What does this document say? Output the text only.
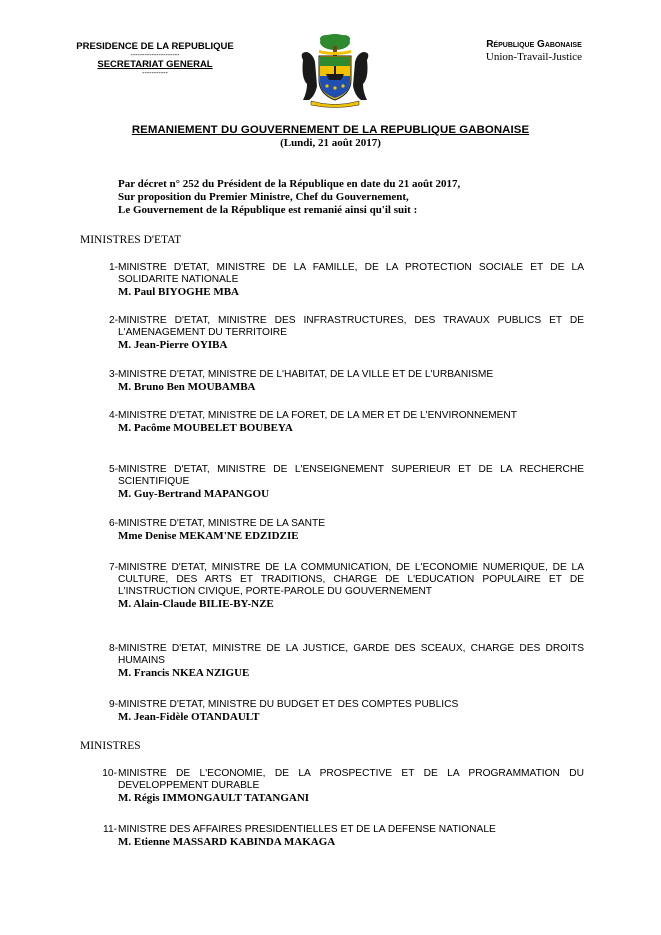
PRESIDENCE DE LA REPUBLIQUE
---------------------
SECRETARIAT GENERAL
-----------
République Gabonaise
Union-Travail-Justice
REMANIEMENT DU GOUVERNEMENT DE LA REPUBLIQUE GABONAISE
(Lundi, 21 août 2017)
Par décret n° 252 du Président de la République en date du 21 août 2017,
Sur proposition du Premier Ministre, Chef du Gouvernement,
Le Gouvernement de la République est remanié ainsi qu'il suit :
MINISTRES D'ETAT
1- MINISTRE D'ETAT, MINISTRE DE LA FAMILLE, DE LA PROTECTION SOCIALE ET DE LA SOLIDARITE NATIONALE
M. Paul BIYOGHE MBA
2- MINISTRE D'ETAT, MINISTRE DES INFRASTRUCTURES, DES TRAVAUX PUBLICS ET DE L'AMENAGEMENT DU TERRITOIRE
M. Jean-Pierre OYIBA
3- MINISTRE D'ETAT, MINISTRE DE L'HABITAT, DE LA VILLE ET DE L'URBANISME
M. Bruno Ben MOUBAMBA
4- MINISTRE D'ETAT, MINISTRE DE LA FORET, DE LA MER ET DE L'ENVIRONNEMENT
M. Pacôme MOUBELET BOUBEYA
5- MINISTRE D'ETAT, MINISTRE DE L'ENSEIGNEMENT SUPERIEUR ET DE LA RECHERCHE SCIENTIFIQUE
M. Guy-Bertrand MAPANGOU
6- MINISTRE D'ETAT, MINISTRE DE LA SANTE
Mme Denise MEKAM'NE EDZIDZIE
7- MINISTRE D'ETAT, MINISTRE DE LA COMMUNICATION, DE L'ECONOMIE NUMERIQUE, DE LA CULTURE, DES ARTS ET TRADITIONS, CHARGE DE L'EDUCATION POPULAIRE ET DE L'INSTRUCTION CIVIQUE, PORTE-PAROLE DU GOUVERNEMENT
M. Alain-Claude BILIE-BY-NZE
8- MINISTRE D'ETAT, MINISTRE DE LA JUSTICE, GARDE DES SCEAUX, CHARGE DES DROITS HUMAINS
M. Francis NKEA NZIGUE
9- MINISTRE D'ETAT, MINISTRE DU BUDGET ET DES COMPTES PUBLICS
M. Jean-Fidèle OTANDAULT
MINISTRES
10- MINISTRE DE L'ECONOMIE, DE LA PROSPECTIVE ET DE LA PROGRAMMATION DU DEVELOPPEMENT DURABLE
M. Régis IMMONGAULT TATANGANI
11- MINISTRE DES AFFAIRES PRESIDENTIELLES ET DE LA DEFENSE NATIONALE
M. Etienne MASSARD KABINDA MAKAGA
